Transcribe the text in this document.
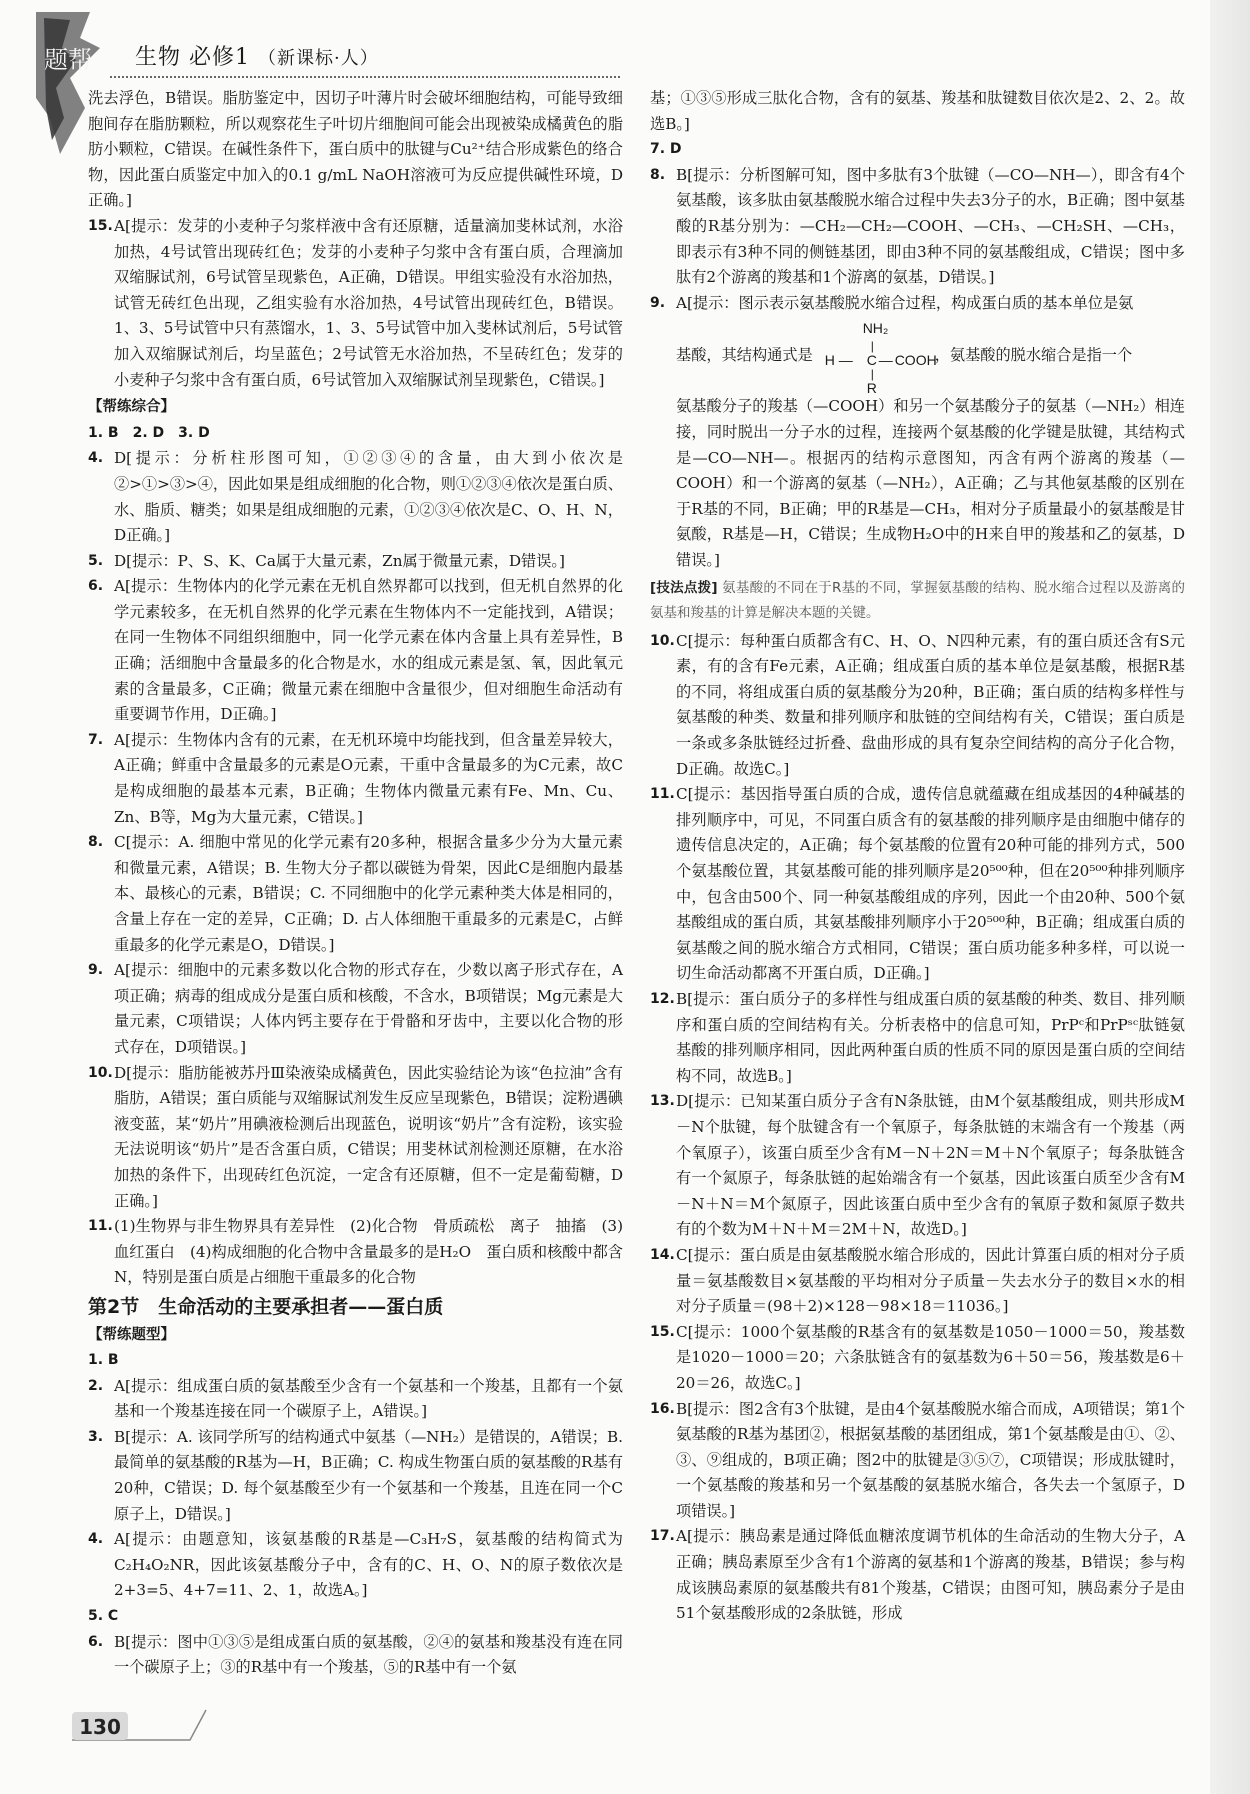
题帮 生物 必修1 （新课标·人）

洗去浮色，B错误。脂肪鉴定中，因切子叶薄片时会破坏细胞结构，可能导致细胞间存在脂肪颗粒，所以观察花生子叶切片细胞间可能会出现被染成橘黄色的脂肪小颗粒，C错误。在碱性条件下，蛋白质中的肽键与Cu²⁺结合形成紫色的络合物，因此蛋白质鉴定中加入的0.1 g/mL NaOH溶液可为反应提供碱性环境，D正确。]

15. A[提示：发芽的小麦种子匀浆样液中含有还原糖，适量滴加斐林试剂，水浴加热，4号试管出现砖红色；发芽的小麦种子匀浆中含有蛋白质，合理滴加双缩脲试剂，6号试管呈现紫色，A正确，D错误。甲组实验没有水浴加热，试管无砖红色出现，乙组实验有水浴加热，4号试管出现砖红色，B错误。1、3、5号试管中只有蒸馏水，1、3、5号试管中加入斐林试剂后，5号试管加入双缩脲试剂后，均呈蓝色；2号试管无水浴加热，不呈砖红色；发芽的小麦种子匀浆中含有蛋白质，6号试管加入双缩脲试剂呈现紫色，C错误。]

【帮练综合】

1. B　2. D　3. D

4. D[提示：分析柱形图可知，①②③④的含量，由大到小依次是②>①>③>④，因此如果是组成细胞的化合物，则①②③④依次是蛋白质、水、脂质、糖类；如果是组成细胞的元素，①②③④依次是C、O、H、N，D正确。]
5. D[提示：P、S、K、Ca属于大量元素，Zn属于微量元素，D错误。]
6. A[提示：生物体内的化学元素在无机自然界都可以找到，但无机自然界的化学元素较多，在无机自然界的化学元素在生物体内不一定能找到，A错误；在同一生物体不同组织细胞中，同一化学元素在体内含量上具有差异性，B正确；活细胞中含量最多的化合物是水，水的组成元素是氢、氧，因此氧元素的含量最多，C正确；微量元素在细胞中含量很少，但对细胞生命活动有重要调节作用，D正确。]
7. A[提示：生物体内含有的元素，在无机环境中均能找到，但含量差异较大，A正确；鲜重中含量最多的元素是O元素，干重中含量最多的为C元素，故C是构成细胞的最基本元素，B正确；生物体内微量元素有Fe、Mn、Cu、Zn、B等，Mg为大量元素，C错误。]
8. C[提示：A. 细胞中常见的化学元素有20多种，根据含量多少分为大量元素和微量元素，A错误；B. 生物大分子都以碳链为骨架，因此C是细胞内最基本、最核心的元素，B错误；C. 不同细胞中的化学元素种类大体是相同的，含量上存在一定的差异，C正确；D. 占人体细胞干重最多的元素是C，占鲜重最多的化学元素是O，D错误。]
9. A[提示：细胞中的元素多数以化合物的形式存在，少数以离子形式存在，A项正确；病毒的组成成分是蛋白质和核酸，不含水，B项错误；Mg元素是大量元素，C项错误；人体内钙主要存在于骨骼和牙齿中，主要以化合物的形式存在，D项错误。]
10. D[提示：脂肪能被苏丹Ⅲ染液染成橘黄色，因此实验结论为该“色拉油”含有脂肪，A错误；蛋白质能与双缩脲试剂发生反应呈现紫色，B错误；淀粉遇碘液变蓝，某“奶片”用碘液检测后出现蓝色，说明该“奶片”含有淀粉，该实验无法说明该“奶片”是否含蛋白质，C错误；用斐林试剂检测还原糖，在水浴加热的条件下，出现砖红色沉淀，一定含有还原糖，但不一定是葡萄糖，D正确。]
11. (1)生物界与非生物界具有差异性　(2)化合物　骨质疏松　离子　抽搐　(3)血红蛋白　(4)构成细胞的化合物中含量最多的是H₂O　蛋白质和核酸中都含N，特别是蛋白质是占细胞干重最多的化合物

第2节　生命活动的主要承担者——蛋白质

【帮练题型】

1. B

2. A[提示：组成蛋白质的氨基酸至少含有一个氨基和一个羧基，且都有一个氨基和一个羧基连接在同一个碳原子上，A错误。]
3. B[提示：A. 该同学所写的结构通式中氨基（—NH₂）是错误的，A错误；B. 最简单的氨基酸的R基为—H，B正确；C. 构成生物蛋白质的氨基酸的R基有20种，C错误；D. 每个氨基酸至少有一个氨基和一个羧基，且连在同一个C原子上，D错误。]
4. A[提示：由题意知，该氨基酸的R基是—C₃H₇S，氨基酸的结构简式为C₂H₄O₂NR，因此该氨基酸分子中，含有的C、H、O、N的原子数依次是2+3=5、4+7=11、2、1，故选A。]

5. C

6. B[提示：图中①③⑤是组成蛋白质的氨基酸，②④的氨基和羧基没有连在同一个碳原子上；③的R基中有一个羧基，⑤的R基中有一个氨

基；①③⑤形成三肽化合物，含有的氨基、羧基和肽键数目依次是2、2、2。故选B。]

7. D

8. B[提示：分析图解可知，图中多肽有3个肽键（—CO—NH—），即含有4个氨基酸，该多肽由氨基酸脱水缩合过程中失去3分子的水，B正确；图中氨基酸的R基分别为：—CH₂—CH₂—COOH、—CH₃、—CH₂SH、—CH₃，即表示有3种不同的侧链基团，即由3种不同的氨基酸组成，C错误；图中多肽有2个游离的羧基和1个游离的氨基，D错误。]
9. A[提示：图示表示氨基酸脱水缩合过程，构成蛋白质的基本单位是氨
基酸，其结构通式是
NH₂
|
H — C — COOH
|
R
，氨基酸的脱水缩合是指一个
氨基酸分子的羧基（—COOH）和另一个氨基酸分子的氨基（—NH₂）相连接，同时脱出一分子水的过程，连接两个氨基酸的化学键是肽键，其结构式是—CO—NH—。根据丙的结构示意图知，丙含有两个游离的羧基（—COOH）和一个游离的氨基（—NH₂），A正确；乙与其他氨基酸的区别在于R基的不同，B正确；甲的R基是—CH₃，相对分子质量最小的氨基酸是甘氨酸，R基是—H，C错误；生成物H₂O中的H来自甲的羧基和乙的氨基，D错误。]

[技法点拨] 氨基酸的不同在于R基的不同，掌握氨基酸的结构、脱水缩合过程以及游离的氨基和羧基的计算是解决本题的关键。

10. C[提示：每种蛋白质都含有C、H、O、N四种元素，有的蛋白质还含有S元素，有的含有Fe元素，A正确；组成蛋白质的基本单位是氨基酸，根据R基的不同，将组成蛋白质的氨基酸分为20种，B正确；蛋白质的结构多样性与氨基酸的种类、数量和排列顺序和肽链的空间结构有关，C错误；蛋白质是一条或多条肽链经过折叠、盘曲形成的具有复杂空间结构的高分子化合物，D正确。故选C。]
11. C[提示：基因指导蛋白质的合成，遗传信息就蕴藏在组成基因的4种碱基的排列顺序中，可见，不同蛋白质含有的氨基酸的排列顺序是由细胞中储存的遗传信息决定的，A正确；每个氨基酸的位置有20种可能的排列方式，500个氨基酸位置，其氨基酸可能的排列顺序是20⁵⁰⁰种，但在20⁵⁰⁰种排列顺序中，包含由500个、同一种氨基酸组成的序列，因此一个由20种、500个氨基酸组成的蛋白质，其氨基酸排列顺序小于20⁵⁰⁰种，B正确；组成蛋白质的氨基酸之间的脱水缩合方式相同，C错误；蛋白质功能多种多样，可以说一切生命活动都离不开蛋白质，D正确。]
12. B[提示：蛋白质分子的多样性与组成蛋白质的氨基酸的种类、数目、排列顺序和蛋白质的空间结构有关。分析表格中的信息可知，PrPᶜ和PrPˢᶜ肽链氨基酸的排列顺序相同，因此两种蛋白质的性质不同的原因是蛋白质的空间结构不同，故选B。]
13. D[提示：已知某蛋白质分子含有N条肽链，由M个氨基酸组成，则共形成M－N个肽键，每个肽键含有一个氧原子，每条肽链的末端含有一个羧基（两个氧原子），该蛋白质至少含有M－N＋2N＝M＋N个氧原子；每条肽链含有一个氮原子，每条肽链的起始端含有一个氨基，因此该蛋白质至少含有M－N＋N＝M个氮原子，因此该蛋白质中至少含有的氧原子数和氮原子数共有的个数为M＋N＋M＝2M＋N，故选D。]
14. C[提示：蛋白质是由氨基酸脱水缩合形成的，因此计算蛋白质的相对分子质量＝氨基酸数目×氨基酸的平均相对分子质量－失去水分子的数目×水的相对分子质量＝(98＋2)×128－98×18＝11036。]
15. C[提示：1000个氨基酸的R基含有的氨基数是1050－1000＝50，羧基数是1020－1000＝20；六条肽链含有的氨基数为6＋50＝56，羧基数是6＋20＝26，故选C。]
16. B[提示：图2含有3个肽键，是由4个氨基酸脱水缩合而成，A项错误；第1个氨基酸的R基为基团②，根据氨基酸的基团组成，第1个氨基酸是由①、②、③、⑨组成的，B项正确；图2中的肽键是③⑤⑦，C项错误；形成肽键时，一个氨基酸的羧基和另一个氨基酸的氨基脱水缩合，各失去一个氢原子，D项错误。]
17. A[提示：胰岛素是通过降低血糖浓度调节机体的生命活动的生物大分子，A正确；胰岛素原至少含有1个游离的氨基和1个游离的羧基，B错误；参与构成该胰岛素原的氨基酸共有81个羧基，C错误；由图可知，胰岛素分子是由51个氨基酸形成的2条肽链，形成
130
